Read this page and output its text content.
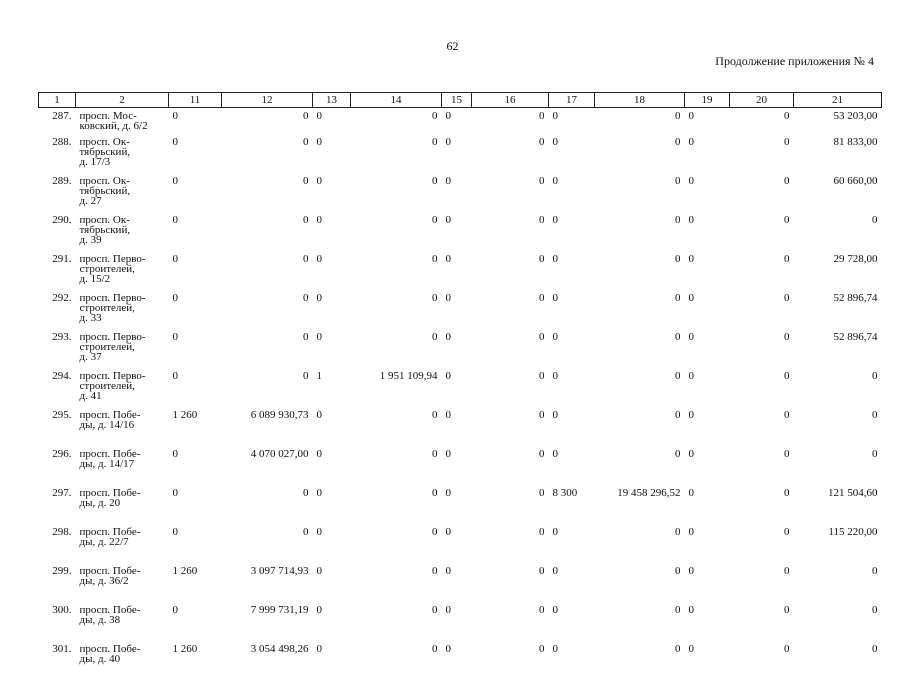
62
Продолжение приложения № 4
1	2	11	12	13	14	15	16	17	18	19	20	21
287.	просп. Мос-
ковский, д. 6/2	0	0	0	0	0	0	0	0	0	0	53 203,00
288.	просп. Ок-
тябрьский,
д. 17/3	0	0	0	0	0	0	0	0	0	0	81 833,00
289.	просп. Ок-
тябрьский,
д. 27	0	0	0	0	0	0	0	0	0	0	60 660,00
290.	просп. Ок-
тябрьский,
д. 39	0	0	0	0	0	0	0	0	0	0	0
291.	просп. Перво-
строителей,
д. 15/2	0	0	0	0	0	0	0	0	0	0	29 728,00
292.	просп. Перво-
строителей,
д. 33	0	0	0	0	0	0	0	0	0	0	52 896,74
293.	просп. Перво-
строителей,
д. 37	0	0	0	0	0	0	0	0	0	0	52 896,74
294.	просп. Перво-
строителей,
д. 41	0	0	1	1 951 109,94	0	0	0	0	0	0	0
295.	просп. Побе-
ды, д. 14/16	1 260	6 089 930,73	0	0	0	0	0	0	0	0	0
296.	просп. Побе-
ды, д. 14/17	0	4 070 027,00	0	0	0	0	0	0	0	0	0
297.	просп. Побе-
ды, д. 20	0	0	0	0	0	0	8 300	19 458 296,52	0	0	121 504,60
298.	просп. Побе-
ды, д. 22/7	0	0	0	0	0	0	0	0	0	0	115 220,00
299.	просп. Побе-
ды, д. 36/2	1 260	3 097 714,93	0	0	0	0	0	0	0	0	0
300.	просп. Побе-
ды, д. 38	0	7 999 731,19	0	0	0	0	0	0	0	0	0
301.	просп. Побе-
ды, д. 40	1 260	3 054 498,26	0	0	0	0	0	0	0	0	0
